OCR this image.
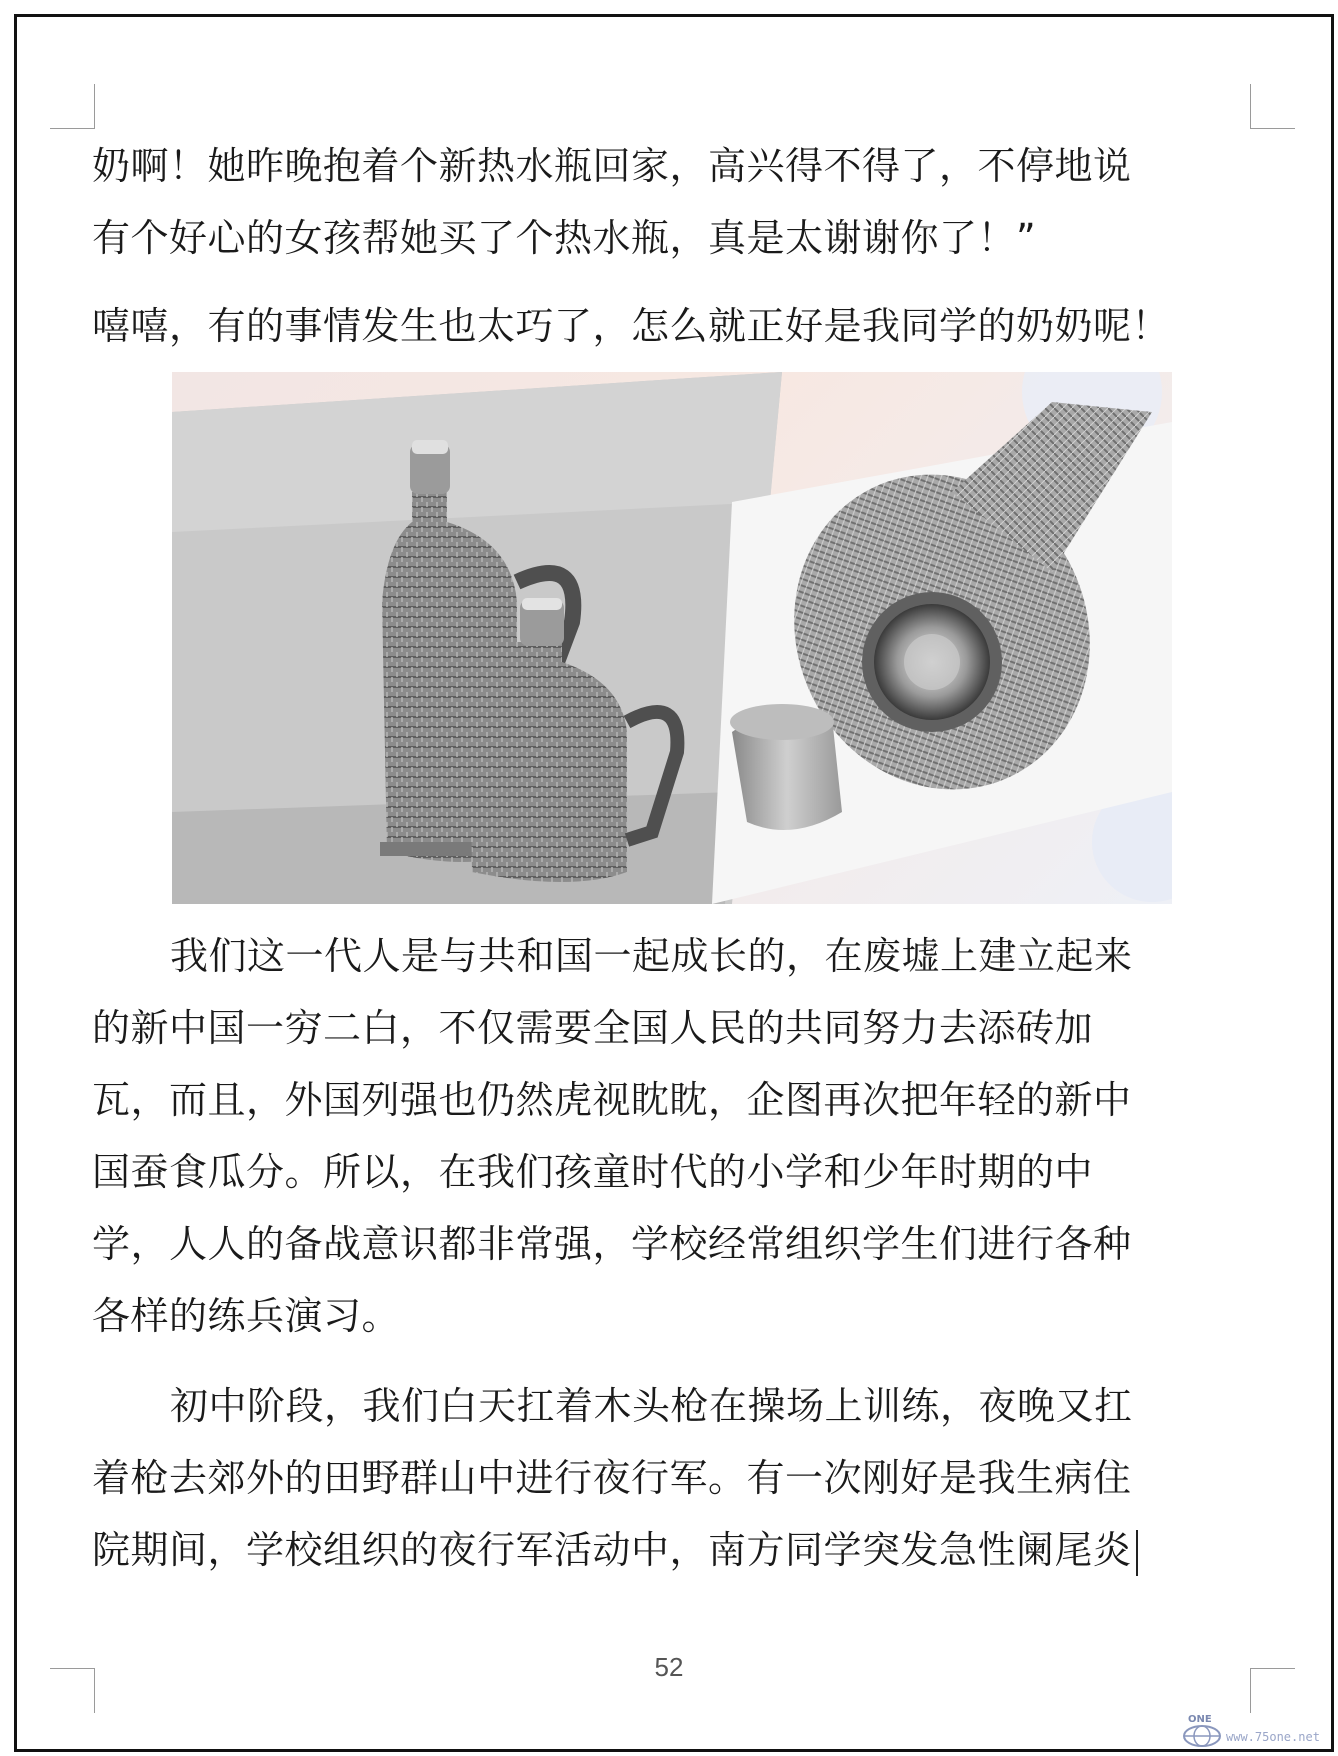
奶啊！她昨晚抱着个新热水瓶回家，高兴得不得了，不停地说
有个好心的女孩帮她买了个热水瓶，真是太谢谢你了！”
嘻嘻，有的事情发生也太巧了，怎么就正好是我同学的奶奶呢！
我们这一代人是与共和国一起成长的，在废墟上建立起来
的新中国一穷二白，不仅需要全国人民的共同努力去添砖加
瓦，而且，外国列强也仍然虎视眈眈，企图再次把年轻的新中
国蚕食瓜分。所以，在我们孩童时代的小学和少年时期的中
学，人人的备战意识都非常强，学校经常组织学生们进行各种
各样的练兵演习。
初中阶段，我们白天扛着木头枪在操场上训练，夜晚又扛
着枪去郊外的田野群山中进行夜行军。有一次刚好是我生病住
院期间，学校组织的夜行军活动中，南方同学突发急性阑尾炎
52
ONE
www.75one.net
